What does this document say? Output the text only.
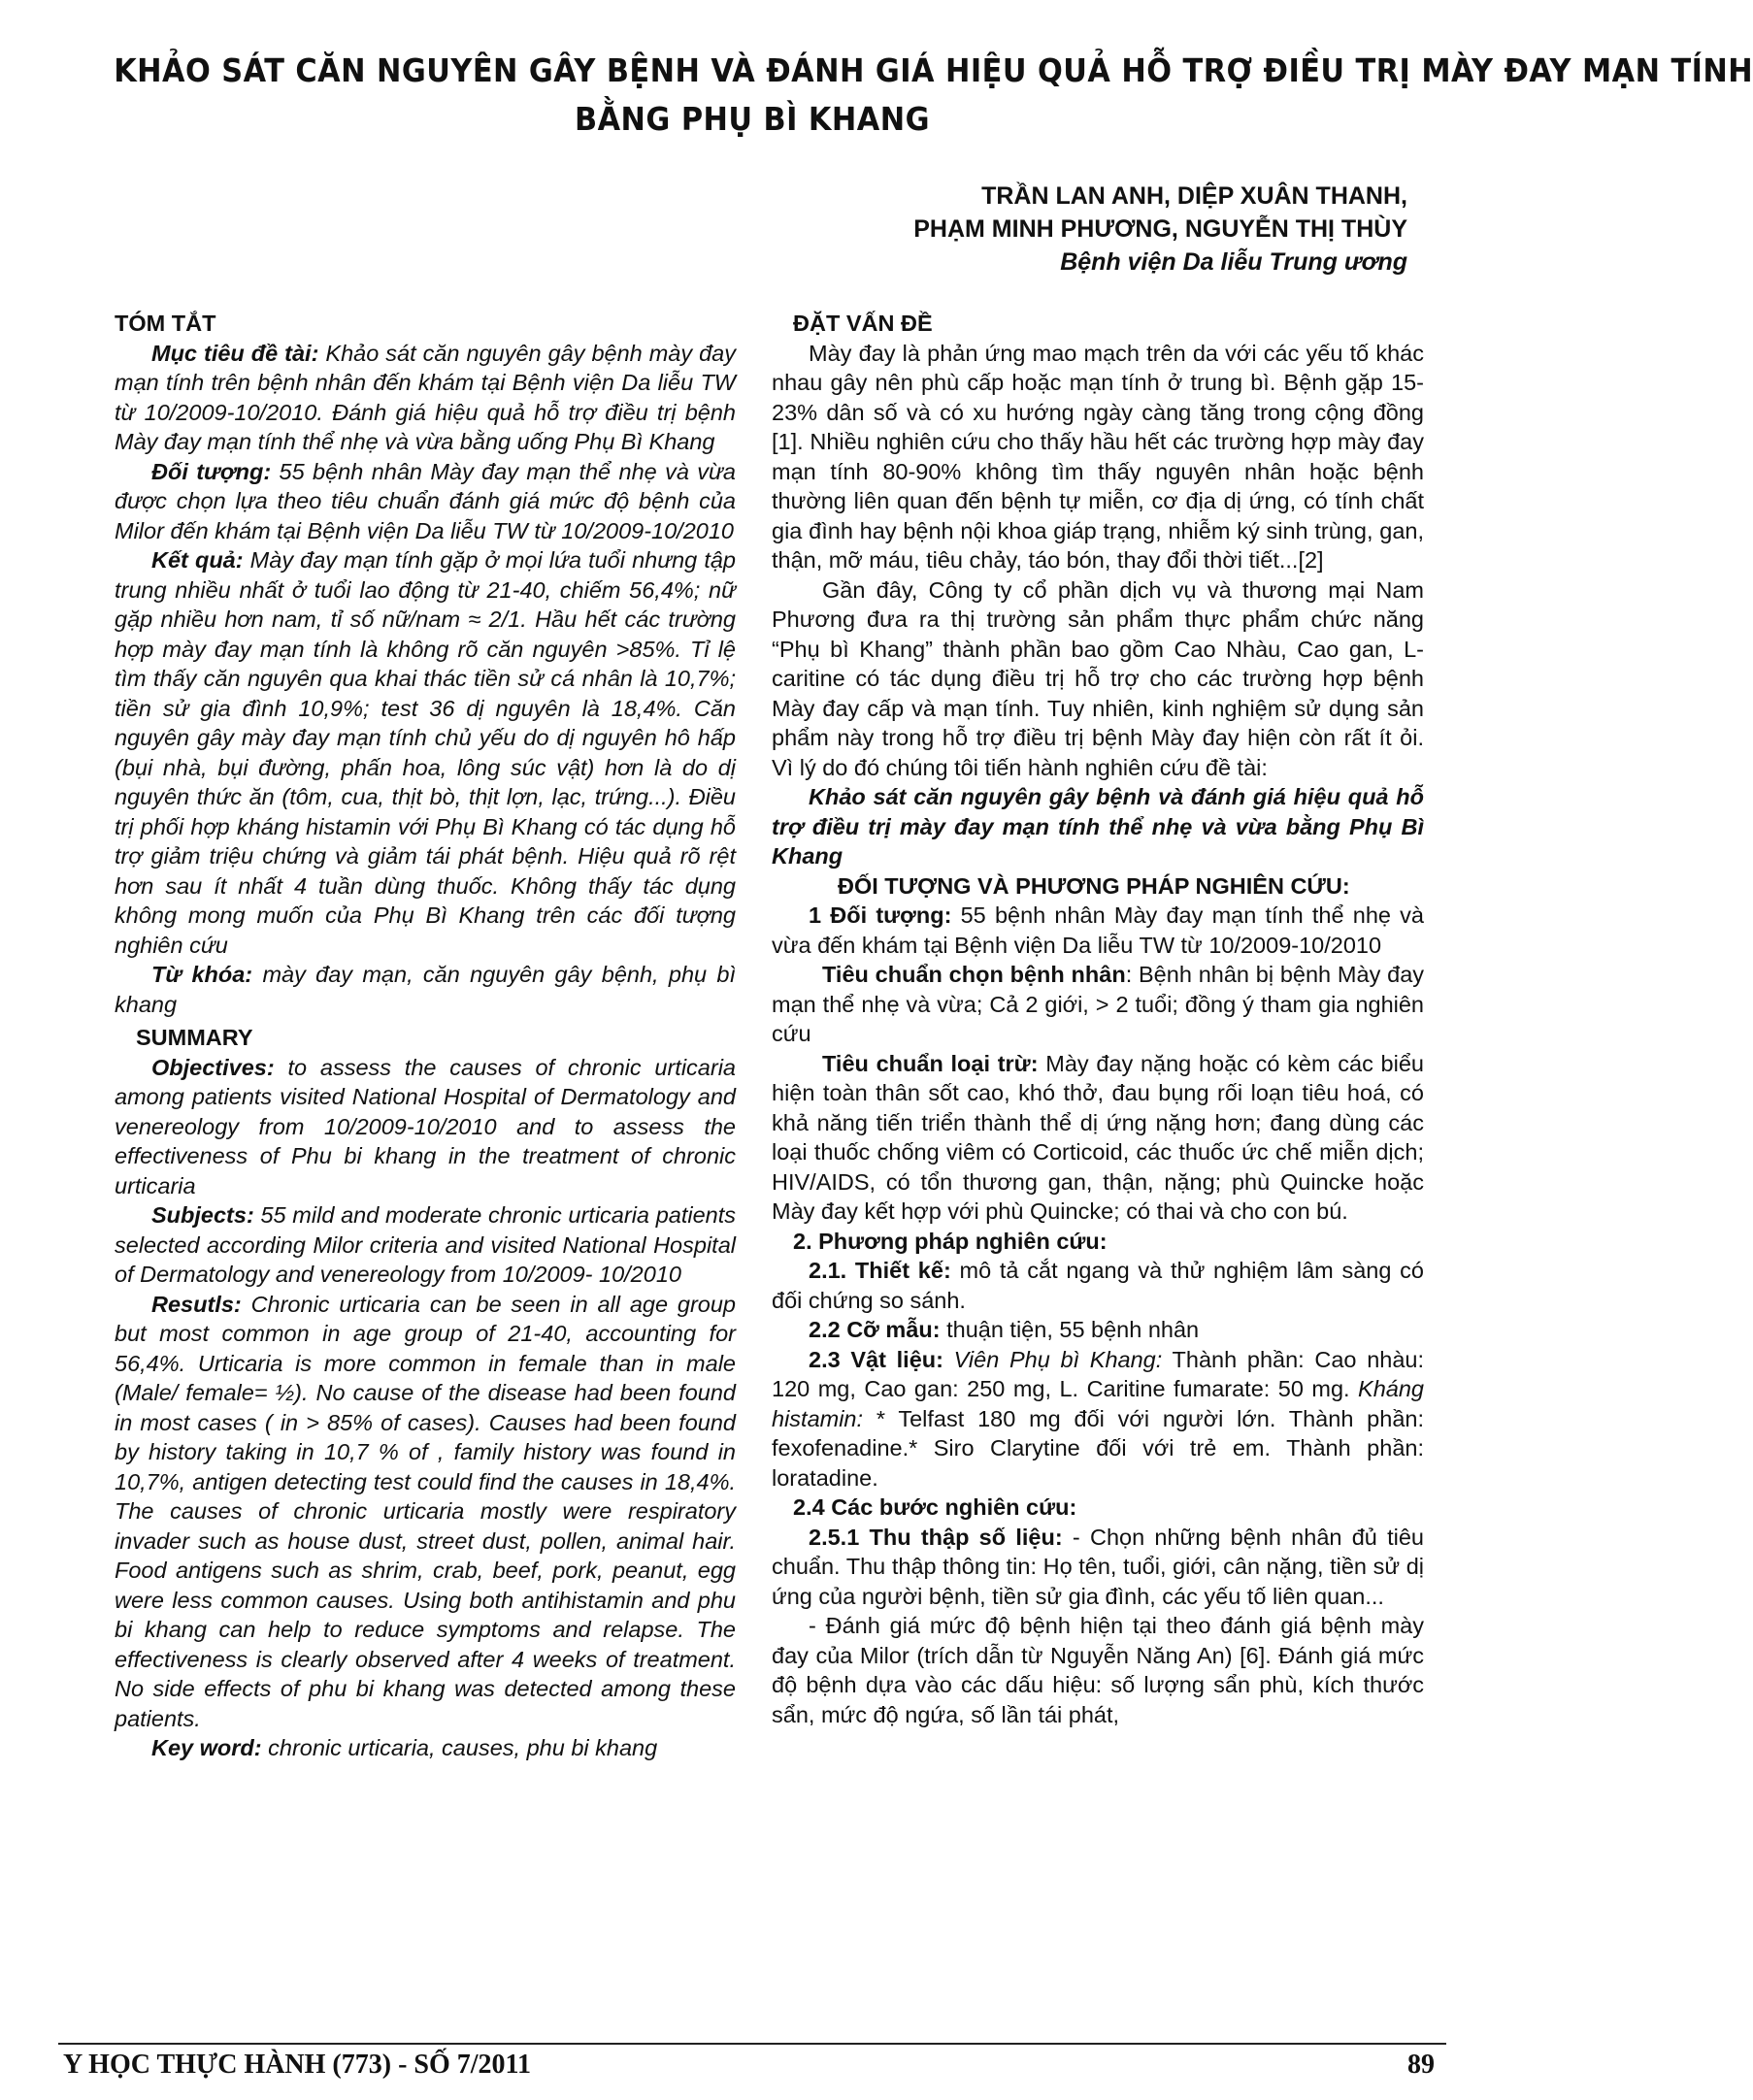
KHẢO SÁT CĂN NGUYÊN GÂY BỆNH VÀ ĐÁNH GIÁ HIỆU QUẢ HỖ TRỢ ĐIỀU TRỊ MÀY ĐAY MẠN TÍNH
BẰNG PHỤ BÌ KHANG
TRẦN LAN ANH, DIỆP XUÂN THANH,
PHẠM MINH PHƯƠNG, NGUYỄN THỊ THÙY
Bệnh viện Da liễu Trung ương

TÓM TẮT

Mục tiêu đề tài: Khảo sát căn nguyên gây bệnh mày đay mạn tính trên bệnh nhân đến khám tại Bệnh viện Da liễu TW từ 10/2009-10/2010. Đánh giá hiệu quả hỗ trợ điều trị bệnh Mày đay mạn tính thể nhẹ và vừa bằng uống Phụ Bì Khang

Đối tượng: 55 bệnh nhân Mày đay mạn thể nhẹ và vừa được chọn lựa theo tiêu chuẩn đánh giá mức độ bệnh của Milor đến khám tại Bệnh viện Da liễu TW từ 10/2009-10/2010

Kết quả: Mày đay mạn tính gặp ở mọi lứa tuổi nhưng tập trung nhiều nhất ở tuổi lao động từ 21-40, chiếm 56,4%; nữ gặp nhiều hơn nam, tỉ số nữ/nam ≈ 2/1. Hầu hết các trường hợp mày đay mạn tính là không rõ căn nguyên >85%. Tỉ lệ tìm thấy căn nguyên qua khai thác tiền sử cá nhân là 10,7%; tiền sử gia đình 10,9%; test 36 dị nguyên là 18,4%. Căn nguyên gây mày đay mạn tính chủ yếu do dị nguyên hô hấp (bụi nhà, bụi đường, phấn hoa, lông súc vật) hơn là do dị nguyên thức ăn (tôm, cua, thịt bò, thịt lợn, lạc, trứng...). Điều trị phối hợp kháng histamin với Phụ Bì Khang có tác dụng hỗ trợ giảm triệu chứng và giảm tái phát bệnh. Hiệu quả rõ rệt hơn sau ít nhất 4 tuần dùng thuốc. Không thấy tác dụng không mong muốn của Phụ Bì Khang trên các đối tượng nghiên cứu

Từ khóa: mày đay mạn, căn nguyên gây bệnh, phụ bì khang

SUMMARY

Objectives: to assess the causes of chronic urticaria among patients visited National Hospital of Dermatology and venereology from 10/2009-10/2010 and to assess the effectiveness of Phu bi khang in the treatment of chronic urticaria

Subjects: 55 mild and moderate chronic urticaria patients selected according Milor criteria and visited National Hospital of Dermatology and venereology from 10/2009- 10/2010

Resutls: Chronic urticaria can be seen in all age group but most common in age group of 21-40, accounting for 56,4%. Urticaria is more common in female than in male (Male/ female= ½). No cause of the disease had been found in most cases ( in > 85% of cases). Causes had been found by history taking in 10,7 % of , family history was found in 10,7%, antigen detecting test could find the causes in 18,4%. The causes of chronic urticaria mostly were respiratory invader such as house dust, street dust, pollen, animal hair. Food antigens such as shrim, crab, beef, pork, peanut, egg were less common causes. Using both antihistamin and phu bi khang can help to reduce symptoms and relapse. The effectiveness is clearly observed after 4 weeks of treatment. No side effects of phu bi khang was detected among these patients.

Key word: chronic urticaria, causes, phu bi khang

ĐẶT VẤN ĐỀ

Mày đay là phản ứng mao mạch trên da với các yếu tố khác nhau gây nên phù cấp hoặc mạn tính ở trung bì. Bệnh gặp 15-23% dân số và có xu hướng ngày càng tăng trong cộng đồng [1]. Nhiều nghiên cứu cho thấy hầu hết các trường hợp mày đay mạn tính 80-90% không tìm thấy nguyên nhân hoặc bệnh thường liên quan đến bệnh tự miễn, cơ địa dị ứng, có tính chất gia đình hay bệnh nội khoa giáp trạng, nhiễm ký sinh trùng, gan, thận, mỡ máu, tiêu chảy, táo bón, thay đổi thời tiết...[2]

Gần đây, Công ty cổ phần dịch vụ và thương mại Nam Phương đưa ra thị trường sản phẩm thực phẩm chức năng “Phụ bì Khang” thành phần bao gồm Cao Nhàu, Cao gan, L-caritine có tác dụng điều trị hỗ trợ cho các trường hợp bệnh Mày đay cấp và mạn tính. Tuy nhiên, kinh nghiệm sử dụng sản phẩm này trong hỗ trợ điều trị bệnh Mày đay hiện còn rất ít ỏi. Vì lý do đó chúng tôi tiến hành nghiên cứu đề tài:

Khảo sát căn nguyên gây bệnh và đánh giá hiệu quả hỗ trợ điều trị mày đay mạn tính thể nhẹ và vừa bằng Phụ Bì Khang

ĐỐI TƯỢNG VÀ PHƯƠNG PHÁP NGHIÊN CỨU:

1 Đối tượng: 55 bệnh nhân Mày đay mạn tính thể nhẹ và vừa đến khám tại Bệnh viện Da liễu TW từ 10/2009-10/2010

Tiêu chuẩn chọn bệnh nhân: Bệnh nhân bị bệnh Mày đay mạn thể nhẹ và vừa; Cả 2 giới, > 2 tuổi; đồng ý tham gia nghiên cứu

Tiêu chuẩn loại trừ: Mày đay nặng hoặc có kèm các biểu hiện toàn thân sốt cao, khó thở, đau bụng rối loạn tiêu hoá, có khả năng tiến triển thành thể dị ứng nặng hơn; đang dùng các loại thuốc chống viêm có Corticoid, các thuốc ức chế miễn dịch; HIV/AIDS, có tổn thương gan, thận, nặng; phù Quincke hoặc Mày đay kết hợp với phù Quincke; có thai và cho con bú.

2. Phương pháp nghiên cứu:

2.1. Thiết kế: mô tả cắt ngang và thử nghiệm lâm sàng có đối chứng so sánh.

2.2 Cỡ mẫu: thuận tiện, 55 bệnh nhân

2.3 Vật liệu: Viên Phụ bì Khang: Thành phần: Cao nhàu: 120 mg, Cao gan: 250 mg, L. Caritine fumarate: 50 mg. Kháng histamin: * Telfast 180 mg đối với người lớn. Thành phần: fexofenadine.* Siro Clarytine đối với trẻ em. Thành phần: loratadine.

2.4 Các bước nghiên cứu:

2.5.1 Thu thập số liệu: - Chọn những bệnh nhân đủ tiêu chuẩn. Thu thập thông tin: Họ tên, tuổi, giới, cân nặng, tiền sử dị ứng của người bệnh, tiền sử gia đình, các yếu tố liên quan...

- Đánh giá mức độ bệnh hiện tại theo đánh giá bệnh mày đay của Milor (trích dẫn từ Nguyễn Năng An) [6]. Đánh giá mức độ bệnh dựa vào các dấu hiệu: số lượng sẩn phù, kích thước sẩn, mức độ ngứa, số lần tái phát,

Y HỌC THỰC HÀNH (773) - SỐ 7/2011	89
